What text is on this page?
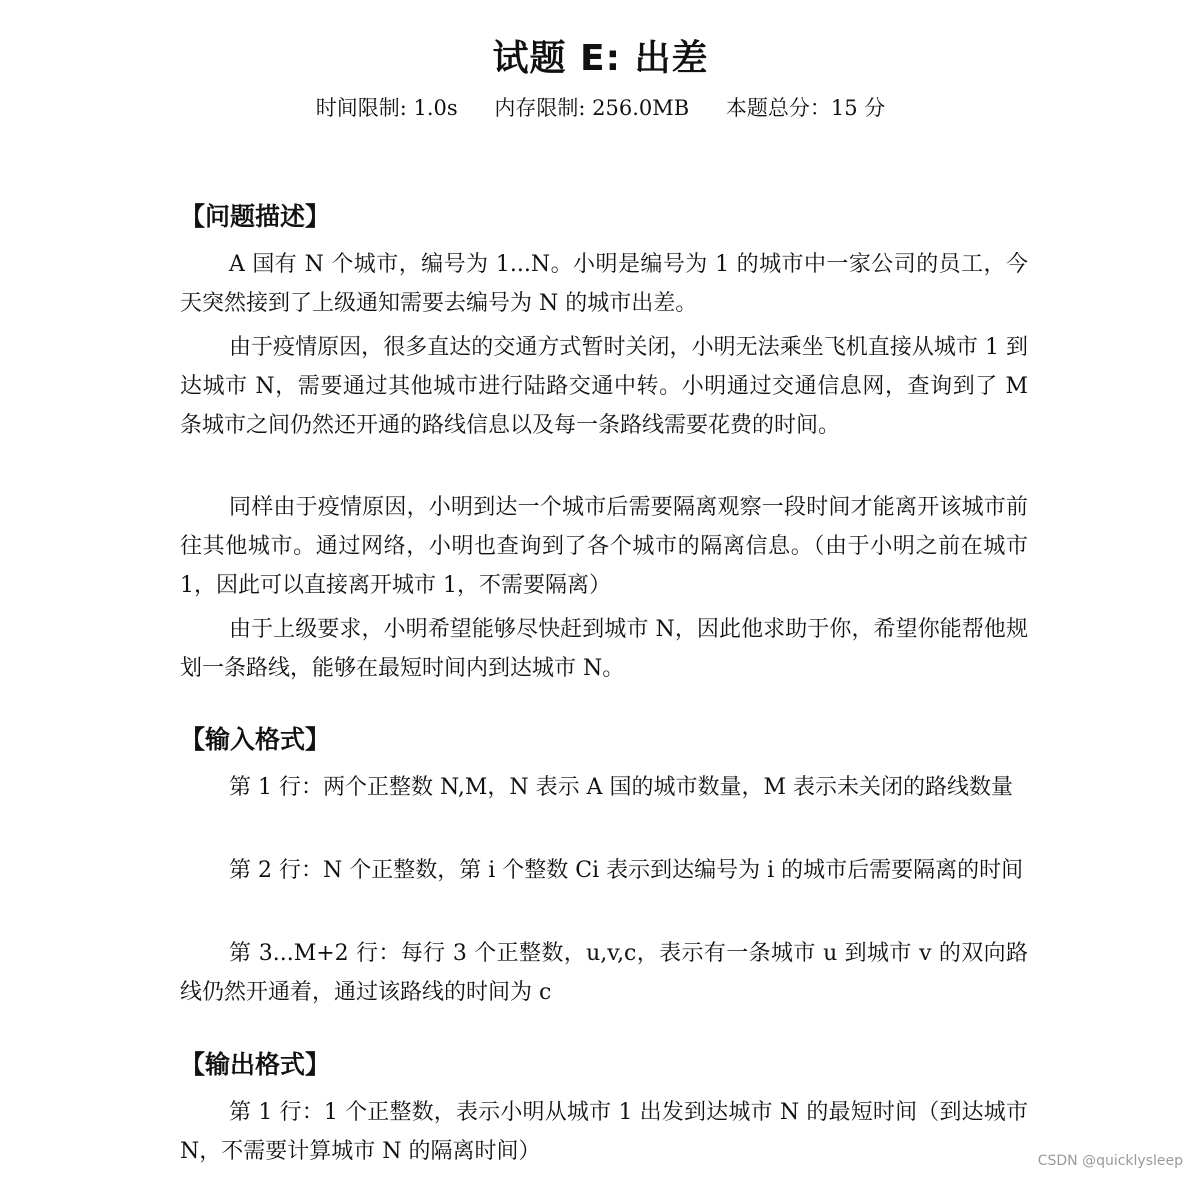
试题 E: 出差
时间限制: 1.0s 内存限制: 256.0MB 本题总分：15 分
【问题描述】
A 国有 N 个城市，编号为 1...N。小明是编号为 1 的城市中一家公司的员工，今天突然接到了上级通知需要去编号为 N 的城市出差。
由于疫情原因，很多直达的交通方式暂时关闭，小明无法乘坐飞机直接从城市 1 到达城市 N，需要通过其他城市进行陆路交通中转。小明通过交通信息网，查询到了 M 条城市之间仍然还开通的路线信息以及每一条路线需要花费的时间。
同样由于疫情原因，小明到达一个城市后需要隔离观察一段时间才能离开该城市前往其他城市。通过网络，小明也查询到了各个城市的隔离信息。（由于小明之前在城市 1，因此可以直接离开城市 1，不需要隔离）
由于上级要求，小明希望能够尽快赶到城市 N，因此他求助于你，希望你能帮他规划一条路线，能够在最短时间内到达城市 N。
【输入格式】
第 1 行：两个正整数 N,M，N 表示 A 国的城市数量，M 表示未关闭的路线数量
第 2 行：N 个正整数，第 i 个整数 Ci 表示到达编号为 i 的城市后需要隔离的时间
第 3...M+2 行：每行 3 个正整数，u,v,c，表示有一条城市 u 到城市 v 的双向路线仍然开通着，通过该路线的时间为 c
【输出格式】
第 1 行：1 个正整数，表示小明从城市 1 出发到达城市 N 的最短时间（到达城市 N，不需要计算城市 N 的隔离时间）	CSDN @quicklysleep
